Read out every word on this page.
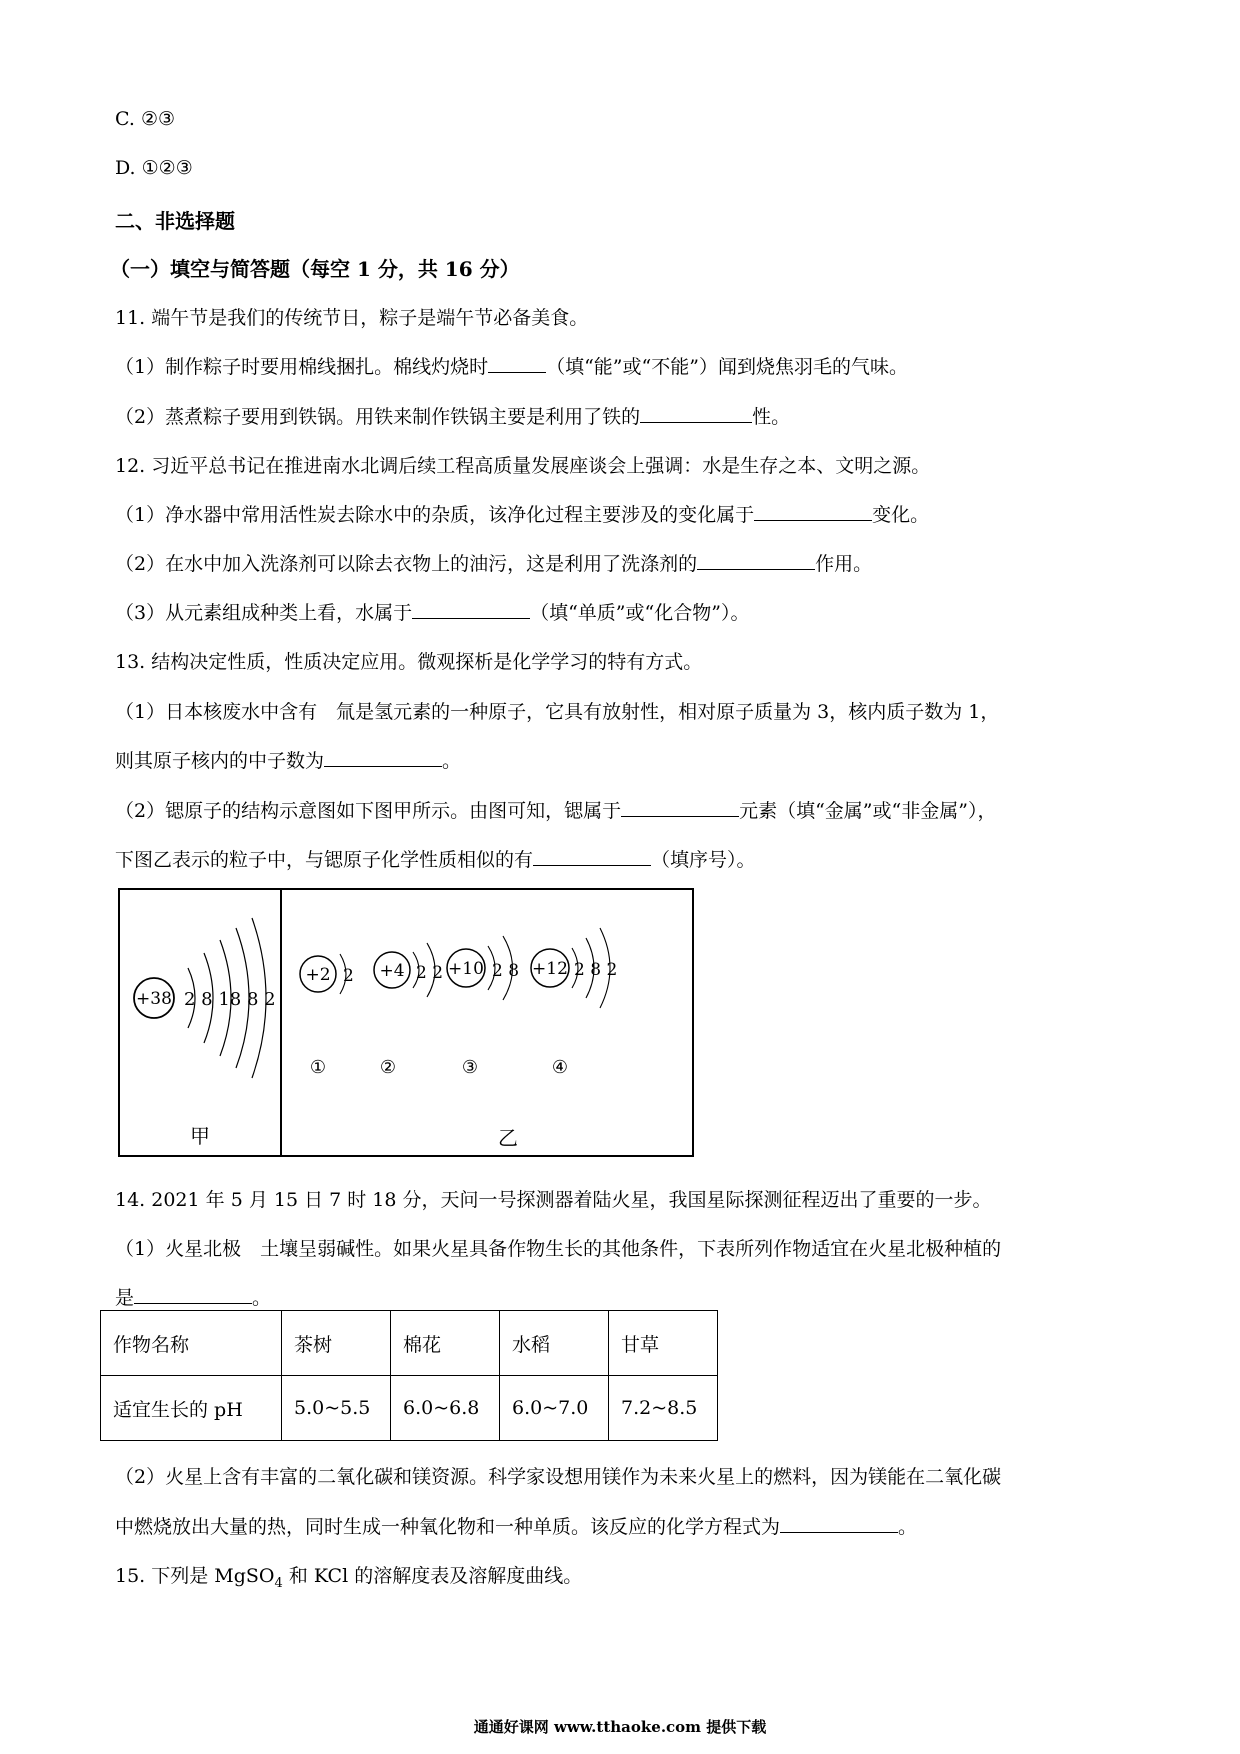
C. ②③
D. ①②③
二、非选择题
（一）填空与简答题（每空 1 分，共 16 分）
11. 端午节是我们的传统节日，粽子是端午节必备美食。
（1）制作粽子时要用棉线捆扎。棉线灼烧时	（填“能”或“不能”）闻到烧焦羽毛的气味。
（2）蒸煮粽子要用到铁锅。用铁来制作铁锅主要是利用了铁的	性。
12. 习近平总书记在推进南水北调后续工程高质量发展座谈会上强调：水是生存之本、文明之源。
（1）净水器中常用活性炭去除水中的杂质，该净化过程主要涉及的变化属于	变化。
（2）在水中加入洗涤剂可以除去衣物上的油污，这是利用了洗涤剂的	作用。
（3）从元素组成种类上看，水属于	（填“单质”或“化合物”）。
13. 结构决定性质，性质决定应用。微观探析是化学学习的特有方式。
（1）日本核废水中含有　氚是氢元素的一种原子，它具有放射性，相对原子质量为 3，核内质子数为 1，
则其原子核内的中子数为	。
（2）锶原子的结构示意图如下图甲所示。由图可知，锶属于	元素（填“金属”或“非金属”），
下图乙表示的粒子中，与锶原子化学性质相似的有	（填序号）。
+38 2 8 18 8 2
甲
+2 2
①
+4 2 2
②
+10 2 8
③
+12 2 8 2
④
乙
14. 2021 年 5 月 15 日 7 时 18 分，天问一号探测器着陆火星，我国星际探测征程迈出了重要的一步。
（1）火星北极　土壤呈弱碱性。如果火星具备作物生长的其他条件，下表所列作物适宜在火星北极种植的
是	。
作物名称	茶树	棉花	水稻	甘草
适宜生长的 pH	5.0~5.5	6.0~6.8	6.0~7.0	7.2~8.5
（2）火星上含有丰富的二氧化碳和镁资源。科学家设想用镁作为未来火星上的燃料，因为镁能在二氧化碳
中燃烧放出大量的热，同时生成一种氧化物和一种单质。该反应的化学方程式为	。
15. 下列是 MgSO$_4$ 和 KCl 的溶解度表及溶解度曲线。
通通好课网 www.tthaoke.com 提供下载
